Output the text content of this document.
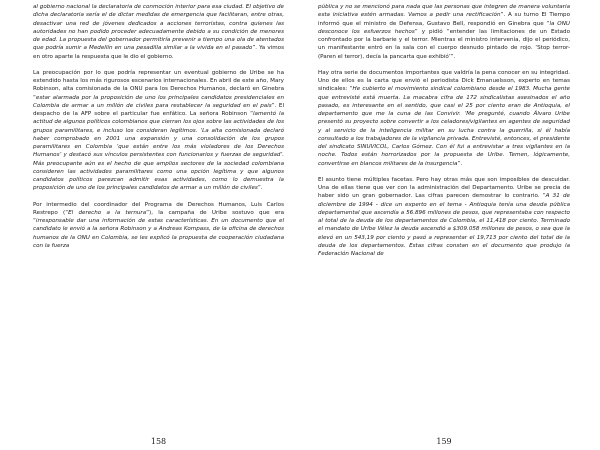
al gobierno nacional la declaratoria de conmoción interior para esa ciudad. El objetivo de dicha declaratoria sería el de dictar medidas de emergencia que facilitaran, entre otras, desactivar una red de jóvenes dedicados a acciones terroristas, contra quienes las autoridades no han podido proceder adecuadamente debido a su condición de menores de edad. La propuesta del gobernador permitiría prevenir a tiempo una ola de atentados que podría sumir a Medellín en una pesadilla similar a la vivida en el pasado”. Ya vimos en otro aparte la respuesta que le dio el gobierno.

La preocupación por lo que podría representar un eventual gobierno de Uribe se ha extendido hasta los más rigurosos escenarios internacionales. En abril de este año, Mary Robinson, alta comisionada de la ONU para los Derechos Humanos, declaró en Ginebra “estar alarmada por la proposición de uno los principales candidatos presidenciales en Colombia de armar a un millón de civiles para restablecer la seguridad en el país”. El despacho de la AFP sobre el particular fue enfático. La señora Robinson “lamentó la actitud de algunos políticos colombianos que cierran los ojos sobre las actividades de los grupos paramilitares, e incluso los consideran legítimos. ‘La alta comisionada declaró haber comprobado en 2001 una expansión y una consolidación de los grupos paramilitares en Colombia ‘que están entre los más violadores de los Derechos Humanos’ y destacó sus vínculos persistentes con funcionarios y fuerzas de seguridad’. Más preocupante aún es el hecho de que amplios sectores de la sociedad colombiana consideren las actividades paramilitares como una opción legítima y que algunos candidatos políticos parezcan admitir esas actividades, como lo demuestra la proposición de uno de los principales candidatos de armar a un millón de civiles”.

Por intermedio del coordinador del Programa de Derechos Humanos, Luis Carlos Restrepo (“El derecho a la ternura”), la campaña de Uribe sostuvo que era “irresponsable dar una información de estas características. En un documento que el candidato le envió a la señora Robinson y a Andreas Kompass, de la oficina de derechos humanos de la ONU en Colombia, se les explicó la propuesta de cooperación ciudadana con la fuerza

158

pública y no se mencionó para nada que las personas que integren de manera voluntaria esta iniciativa estén armadas. Vamos a pedir una rectificación”. A su turno El Tiempo informó que el ministro de Defensa, Gustavo Bell, respondió en Ginebra que “la ONU desconoce los esfuerzos hechos” y pidió “entender las limitaciones de un Estado confrontado por la barbarie y el terror. Mientras el ministro intervenía, dijo el periódico, un manifestante entró en la sala con el cuerpo desnudo pintado de rojo. ‘Stop terror- (Paren el terror), decía la pancarta que exhibió’”.

Hay otra serie de documentos importantes que valdría la pena conocer en su integridad. Uno de ellos es la carta que envió el periodista Dick Emanuelsson, experto en temas sindicales: “He cubierto el movimiento sindical colombiano desde el 1983. Mucha gente que entrevisté está muerta. La macabra cifra de 172 sindicalistas asesinados el año pasado, es interesante en el sentido, que casi el 25 por ciento eran de Antioquia, el departamento que me la cuna de las Convivir. ‘Me pregunté, cuando Álvaro Uribe presentó su proyecto sobre convertir a los celadores/vigilantes en agentes de seguridad y al servicio de la inteligencia militar en su lucha contra la guerrilla, si él había consultado a los trabajadores de la vigilancia privada. Entrevisté, entonces, el presidente del sindicato SINUVICOL, Carlos Gómez. Con él fui a entrevistar a tres vigilantes en la noche. Todos están horrorizados por la propuesta de Uribe. Temen, lógicamente, convertirse en blancos militares de la insurgencia”.

El asunto tiene múltiples facetas. Pero hay otras más que son imposibles de descuidar. Una de ellas tiene que ver con la administración del Departamento. Uribe se precia de haber sido un gran gobernador. Las cifras parecen demostrar lo contrario. “A 31 de diciembre de 1994 - dice un experto en el tema - Antioquia tenía una deuda pública departamental que ascendía a 56.896 millones de pesos, que representaba con respecto al total de la deuda de los departamentos de Colombia, el 11,418 por ciento. Terminado el mandato de Uribe Vélez la deuda ascendió a $309.058 millones de pesos, o sea que la elevó en un 543,19 por ciento y pasó a representar el 19,713 por ciento del total de la deuda de los departamentos. Estas cifras constan en el documento que produjo la Federación Nacional de

159
